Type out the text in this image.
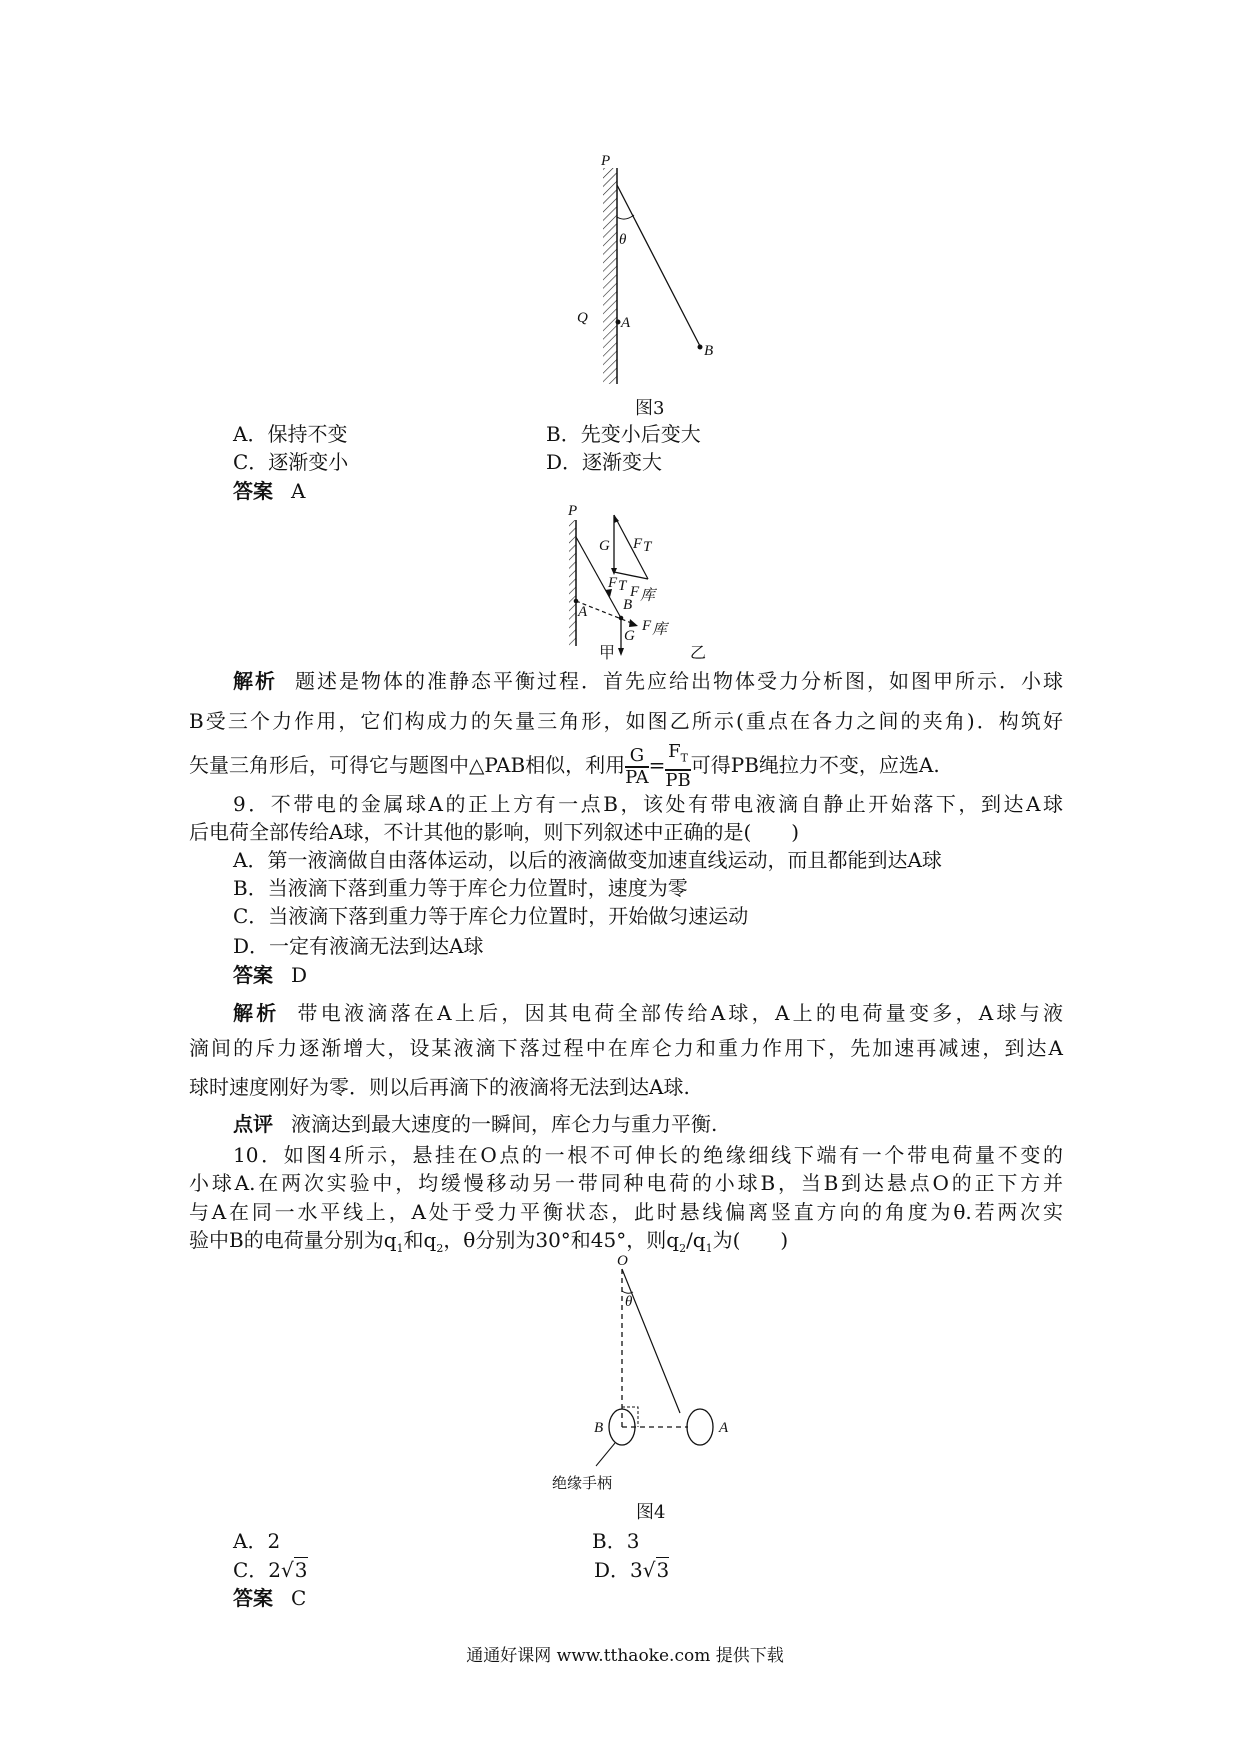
P
θ
Q A
B
P
A B
F T
G
F 库
G F T
F 库
O
θ
B	A
图3
A．保持不变	B．先变小后变大
C．逐渐变小	D．逐渐变大
答案 A
甲	乙
解析 题述是物体的准静态平衡过程．首先应给出物体受力分析图，如图甲所示．小球
B受三个力作用，它们构成力的矢量三角形，如图乙所示(重点在各力之间的夹角)．构筑好
矢量三角形后，可得它与题图中△PAB相似，利用 $\frac{G}{PA} = \frac{F_T}{PB}$ 可得PB绳拉力不变，应选A.
9．不带电的金属球A的正上方有一点B，该处有带电液滴自静止开始落下，到达A球
后电荷全部传给A球，不计其他的影响，则下列叙述中正确的是(　　)
A．第一液滴做自由落体运动，以后的液滴做变加速直线运动，而且都能到达A球
B．当液滴下落到重力等于库仑力位置时，速度为零
C．当液滴下落到重力等于库仑力位置时，开始做匀速运动
D．一定有液滴无法到达A球
答案 D
解析 带电液滴落在A上后，因其电荷全部传给A球，A上的电荷量变多，A球与液
滴间的斥力逐渐增大，设某液滴下落过程中在库仑力和重力作用下，先加速再减速，到达A
球时速度刚好为零．则以后再滴下的液滴将无法到达A球.
点评 液滴达到最大速度的一瞬间，库仑力与重力平衡.
10．如图4所示，悬挂在O点的一根不可伸长的绝缘细线下端有一个带电荷量不变的
小球A.在两次实验中，均缓慢移动另一带同种电荷的小球B，当B到达悬点O的正下方并
与A在同一水平线上，A处于受力平衡状态，此时悬线偏离竖直方向的角度为θ.若两次实
验中B的电荷量分别为$q_1$和$q_2$，θ分别为30°和45°，则$q_2/q_1$为(　　)
绝缘手柄
图4
A．2	B．3
C．2√3	D．3√3
答案 C
通通好课网 www.tthaoke.com 提供下载
